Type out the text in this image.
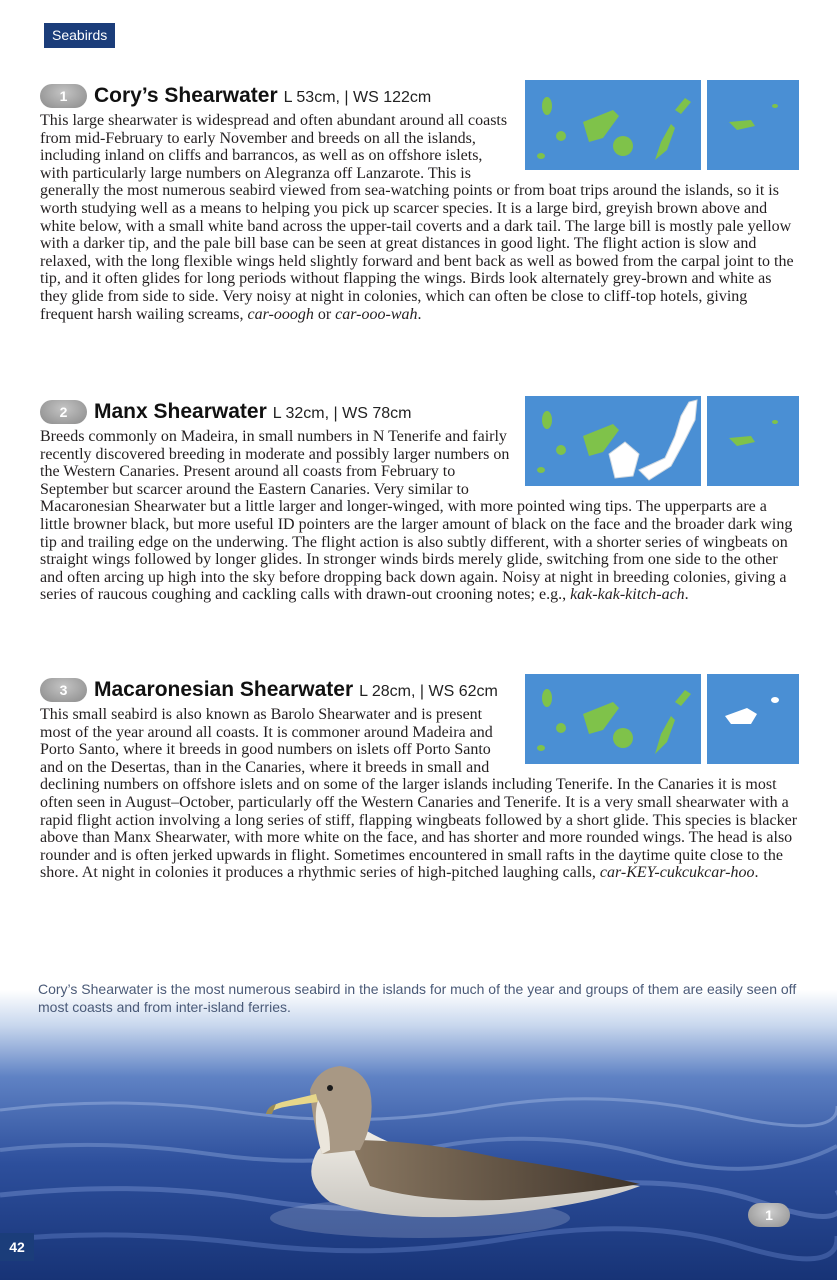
Seabirds
1	Cory’s Shearwater L 53cm, | WS 122cm
This large shearwater is widespread and often abundant around all coasts from mid-February to early November and breeds on all the islands, including inland on cliffs and barrancos, as well as on offshore islets, with particularly large numbers on Alegranza off Lanzarote. This is generally the most numerous seabird viewed from sea-watching points or from boat trips around the islands, so it is worth studying well as a means to helping you pick up scarcer species. It is a large bird, greyish brown above and white below, with a small white band across the upper-tail coverts and a dark tail. The large bill is mostly pale yellow with a darker tip, and the pale bill base can be seen at great distances in good light. The flight action is slow and relaxed, with the long flexible wings held slightly forward and bent back as well as bowed from the carpal joint to the tip, and it often glides for long periods without flapping the wings. Birds look alternately grey-brown and white as they glide from side to side. Very noisy at night in colonies, which can often be close to cliff-top hotels, giving frequent harsh wailing screams, car-ooogh or car-ooo-wah.
2	Manx Shearwater L 32cm, | WS 78cm
Breeds commonly on Madeira, in small numbers in N Tenerife and fairly recently discovered breeding in moderate and possibly larger numbers on the Western Canaries. Present around all coasts from February to September but scarcer around the Eastern Canaries. Very similar to Macaronesian Shearwater but a little larger and longer-winged, with more pointed wing tips. The upperparts are a little browner black, but more useful ID pointers are the larger amount of black on the face and the broader dark wing tip and trailing edge on the underwing. The flight action is also subtly different, with a shorter series of wingbeats on straight wings followed by longer glides. In stronger winds birds merely glide, switching from one side to the other and often arcing up high into the sky before dropping back down again. Noisy at night in breeding colonies, giving a series of raucous coughing and cackling calls with drawn-out crooning notes; e.g., kak-kak-kitch-ach.
3	Macaronesian Shearwater L 28cm, | WS 62cm
This small seabird is also known as Barolo Shearwater and is present most of the year around all coasts. It is commoner around Madeira and Porto Santo, where it breeds in good numbers on islets off Porto Santo and on the Desertas, than in the Canaries, where it breeds in small and declining numbers on offshore islets and on some of the larger islands including Tenerife. In the Canaries it is most often seen in August–October, particularly off the Western Canaries and Tenerife. It is a very small shearwater with a rapid flight action involving a long series of stiff, flapping wingbeats followed by a short glide. This species is blacker above than Manx Shearwater, with more white on the face, and has shorter and more rounded wings. The head is also rounder and is often jerked upwards in flight. Sometimes encountered in small rafts in the daytime quite close to the shore. At night in colonies it produces a rhythmic series of high-pitched laughing calls, car-KEY-cukcukcar-hoo.
Cory’s Shearwater is the most numerous seabird in the islands for much of the year and groups of them are easily seen off most coasts and from inter-island ferries.
1
42
